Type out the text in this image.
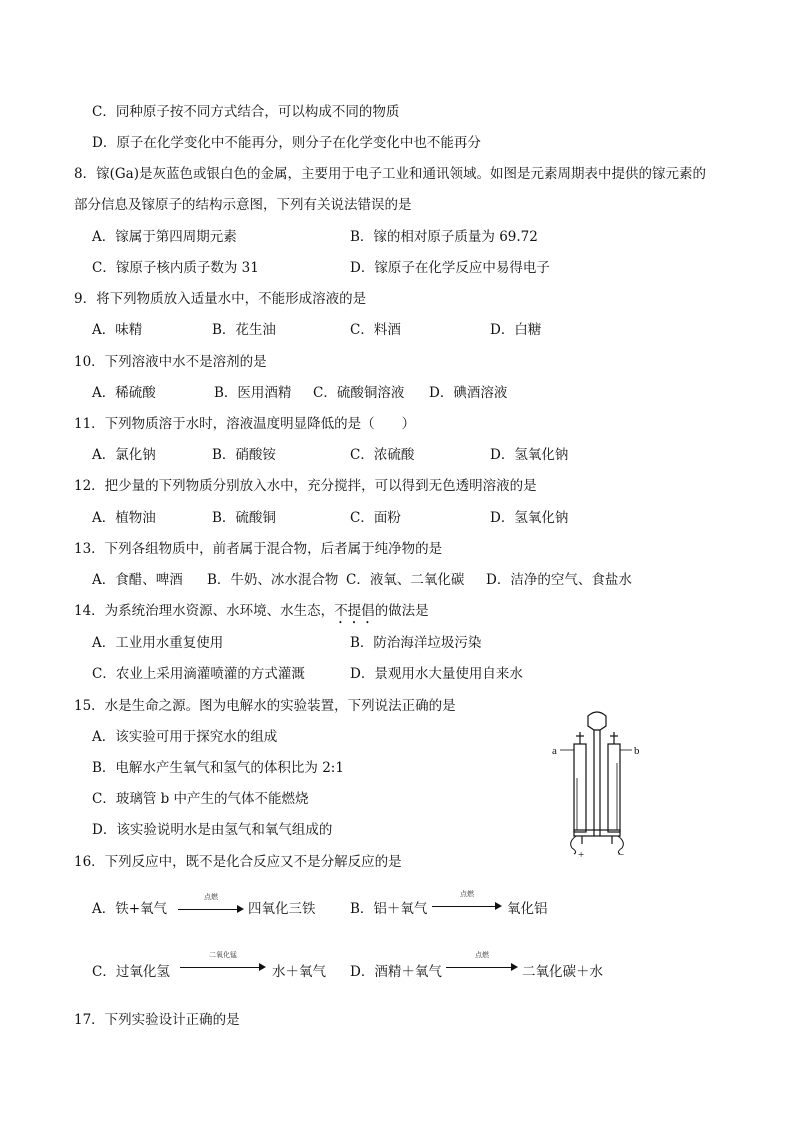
C．同种原子按不同方式结合，可以构成不同的物质
D．原子在化学变化中不能再分，则分子在化学变化中也不能再分
8．镓(Ga)是灰蓝色或银白色的金属，主要用于电子工业和通讯领域。如图是元素周期表中提供的镓元素的
部分信息及镓原子的结构示意图，下列有关说法错误的是
A．镓属于第四周期元素	B．镓的相对原子质量为 69.72
C．镓原子核内质子数为 31	D．镓原子在化学反应中易得电子
9．将下列物质放入适量水中，不能形成溶液的是
A．味精	B．花生油	C．料酒	D．白糖
10．下列溶液中水不是溶剂的是
A．稀硫酸	B．医用酒精 C．硫酸铜溶液 D．碘酒溶液
11．下列物质溶于水时，溶液温度明显降低的是（　　）
A．氯化钠	B．硝酸铵	C．浓硫酸	D．氢氧化钠
12．把少量的下列物质分别放入水中，充分搅拌，可以得到无色透明溶液的是
A．植物油	B．硫酸铜	C．面粉	D．氢氧化钠
13．下列各组物质中，前者属于混合物，后者属于纯净物的是
A．食醋、啤酒 B．牛奶、冰水混合物 C．液氧、二氧化碳 D．洁净的空气、食盐水
14．为系统治理水资源、水环境、水生态，不提倡的做法是
A．工业用水重复使用	B．防治海洋垃圾污染
C．农业上采用滴灌喷灌的方式灌溉	D．景观用水大量使用自来水
15．水是生命之源。图为电解水的实验装置，下列说法正确的是
A．该实验可用于探究水的组成
B．电解水产生氧气和氢气的体积比为 2:1
C．玻璃管 b 中产生的气体不能燃烧
D．该实验说明水是由氢气和氧气组成的
a	b
+	−
16．下列反应中，既不是化合反应又不是分解反应的是
A．铁+氧气
点燃
四氧化三铁	B．铝＋氧气
点燃
氧化铝
C．过氧化氢
二氧化锰
水＋氧气 D．酒精＋氧气
点燃
二氧化碳＋水
17．下列实验设计正确的是
